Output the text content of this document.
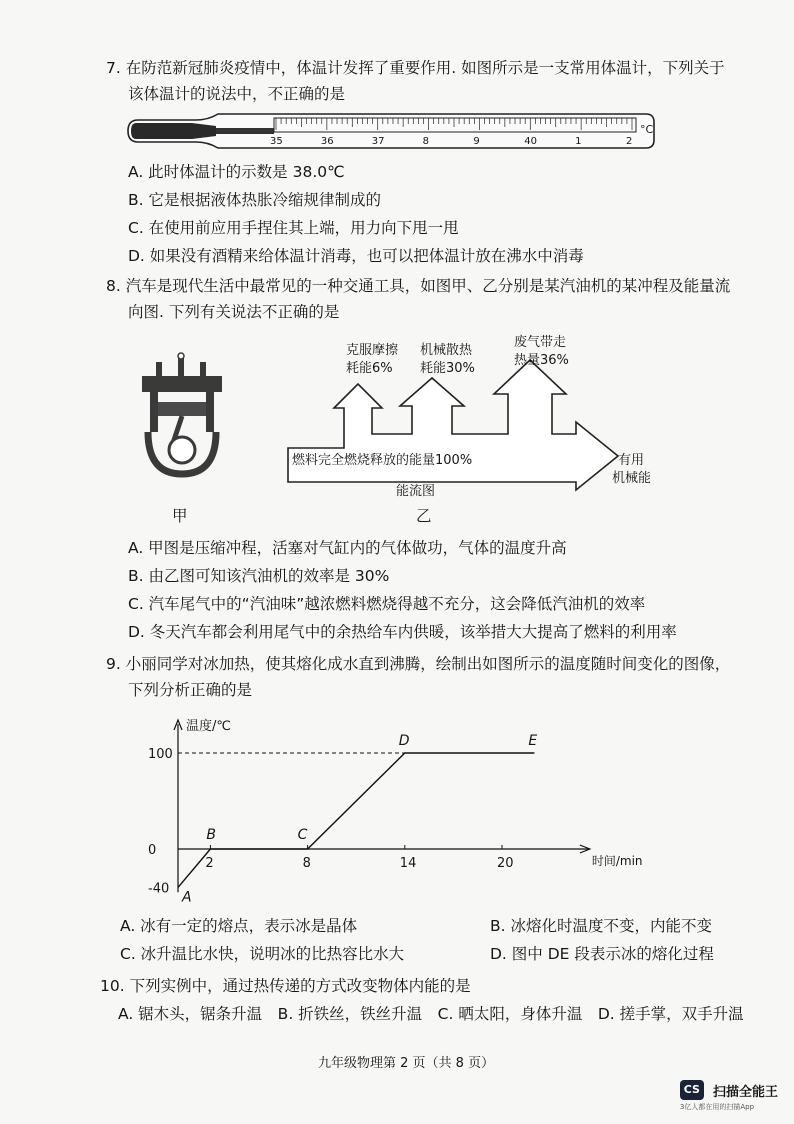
7. 在防范新冠肺炎疫情中，体温计发挥了重要作用. 如图所示是一支常用体温计，下列关于
该体温计的说法中，不正确的是
35	36	37	8	9	40	1	2
°C
A. 此时体温计的示数是 38.0℃
B. 它是根据液体热胀冷缩规律制成的
C. 在使用前应用手捏住其上端，用力向下甩一甩
D. 如果没有酒精来给体温计消毒，也可以把体温计放在沸水中消毒
8. 汽车是现代生活中最常见的一种交通工具，如图甲、乙分别是某汽油机的某冲程及能量流
向图. 下列有关说法不正确的是
甲
克服摩擦
耗能6%
机械散热
耗能30%
废气带走
热量36%
燃料完全燃烧释放的能量100%	有用
机械能
能流图
乙
A. 甲图是压缩冲程，活塞对气缸内的气体做功，气体的温度升高
B. 由乙图可知该汽油机的效率是 30%
C. 汽车尾气中的“汽油味”越浓燃料燃烧得越不充分，这会降低汽油机的效率
D. 冬天汽车都会利用尾气中的余热给车内供暖，该举措大大提高了燃料的利用率
9. 小丽同学对冰加热，使其熔化成水直到沸腾，绘制出如图所示的温度随时间变化的图像，
下列分析正确的是
温度/℃
时间/min
100
0
-40
2	8	14	20
A
B	C
D	E
A. 冰有一定的熔点，表示冰是晶体	B. 冰熔化时温度不变，内能不变
C. 冰升温比水快，说明冰的比热容比水大	D. 图中 DE 段表示冰的熔化过程
10. 下列实例中，通过热传递的方式改变物体内能的是
A. 锯木头，锯条升温　B. 折铁丝，铁丝升温　C. 晒太阳，身体升温　D. 搓手掌，双手升温
九年级物理第 2 页（共 8 页）
CS 扫描全能王
3亿人都在用的扫描App
